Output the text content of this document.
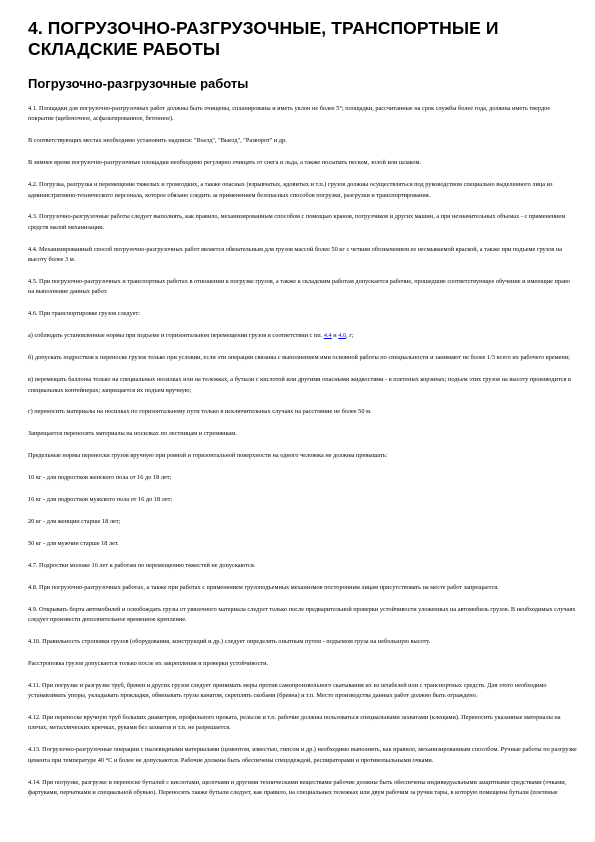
4. ПОГРУЗОЧНО-РАЗГРУЗОЧНЫЕ, ТРАНСПОРТНЫЕ И СКЛАДСКИЕ РАБОТЫ
Погрузочно-разгрузочные работы

4.1. Площадки для погрузочно-разгрузочных работ должны быть очищены, спланированы и иметь уклон не более 5°; площадки, рассчитанные на срок службы более года, должны иметь твердое покрытие (щебеночное, асфальтированное, бетонное).

В соответствующих местах необходимо установить надписи: "Въезд", "Выезд", "Разворот" и др.

В зимнее время погрузочно-разгрузочные площадки необходимо регулярно очищать от снега и льда, а также посыпать песком, золой или шлаком.

4.2. Погрузка, разгрузка и перемещение тяжелых и громоздких, а также опасных (взрывчатых, ядовитых и т.п.) грузов должны осуществляться под руководством специально выделенного лица из административно-технического персонала, которое обязано следить за применением безопасных способов погрузки, разгрузки и транспортирования.

4.3. Погрузочно-разгрузочные работы следует выполнять, как правило, механизированным способом с помощью кранов, погрузчиков и других машин, а при незначительных объемах - с применением средств малой механизации.

4.4. Механизированный способ погрузочно-разгрузочных работ является обязательным для грузов массой более 50 кг с четким обозначением ее несмываемой краской, а также при подъеме грузов на высоту более 3 м.

4.5. При погрузочно-разгрузочных и транспортных работах в отношении к погрузке грузов, а также к складским работам допускается рабочие, прошедшие соответствующее обучение и имеющие право на выполнение данных работ.

4.6. При транспортировке грузов следует:

а) соблюдать установленные нормы при подъеме и горизонтальном перемещении грузов в соответствии с пп. 4.4 и 4.6, г;

б) допускать подростков к переноске грузов только при условии, если эти операции связаны с выполнением ими основной работы по специальности и занимают не более 1/3 всего их рабочего времени;

в) перемещать баллоны только на специальных носилках или на тележках, а бутыли с кислотой или другими опасными жидкостями - в плетеных корзинах; подъем этих грузов на высоту производится в специальных контейнерах; запрещается их подъем вручную;

г) переносить материалы на носилках по горизонтальному пути только в исключительных случаях на расстояние не более 50 м.

Запрещается переносить материалы на носилках по лестницам и стремянкам.

Предельные нормы переноски грузов вручную при ровной и горизонтальной поверхности на одного человека не должны превышать:

10 кг - для подростков женского пола от 16 до 18 лет;

16 кг - для подростков мужского пола от 16 до 18 лет;

20 кг - для женщин старше 18 лет;

50 кг - для мужчин старше 18 лет.

4.7. Подростки моложе 16 лет к работам по перемещению тяжестей не допускаются.

4.8. При погрузочно-разгрузочных работах, а также при работах с применением грузоподъемных механизмов посторонним лицам присутствовать на месте работ запрещается.

4.9. Открывать борта автомобилей и освобождать грузы от увязочного материала следует только после предварительной проверки устойчивости уложенных на автомобиль грузов. В необходимых случаях следует произвести дополнительное временное крепление.

4.10. Правильность строповки грузов (оборудования, конструкций и др.) следует определять опытным путем - подъемом груза на небольшую высоту.

Расстроповка грузов допускается только после их закрепления и проверки устойчивости.

4.11. При погрузке и разгрузке труб, бревен и других грузов следует принимать меры против самопроизвольного скатывания их из штабелей или с транспортных средств. Для этого необходимо устанавливать упоры, укладывать прокладки, обвязывать грузы канатом, скреплять скобами (бревна) и т.п. Место производства данных работ должно быть ограждено.

4.12. При переноске вручную труб больших диаметров, профильного проката, рельсов и т.п. рабочие должны пользоваться специальными захватами (клещами). Переносить указанные материалы на плечах, металлических крючках, руками без захватов и т.п. не разрешается.

4.13. Погрузочно-разгрузочные операции с пылевидными материалами (цементом, известью, гипсом и др.) необходимо выполнять, как правило, механизированным способом. Ручные работы по разгрузке цемента при температуре 40 °С и более не допускаются. Рабочие должны быть обеспечены спецодеждой, респираторами и противопыльными очками.

4.14. При погрузке, разгрузке и переноске бутылей с кислотами, щелочами и другими техническими веществами рабочие должны быть обеспечены индивидуальными защитными средствами (очками, фартуками, перчатками и специальной обувью). Переносить также бутыли следует, как правило, на специальных тележках или двум рабочим за ручки тары, в которую помещены бутыли (плетеные
